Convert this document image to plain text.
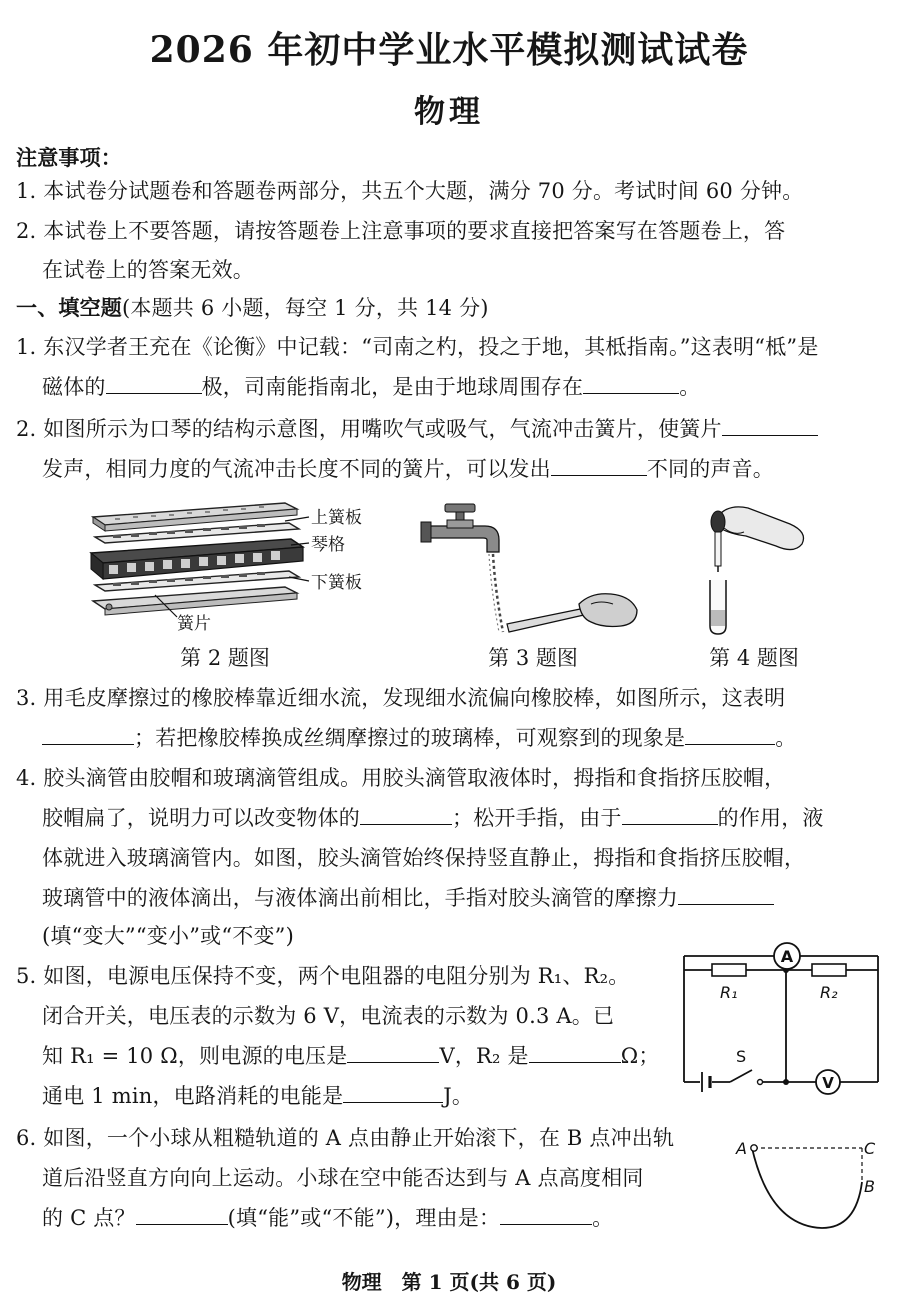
2026 年初中学业水平模拟测试试卷
物理
注意事项：
1. 本试卷分试题卷和答题卷两部分，共五个大题，满分 70 分。考试时间 60 分钟。
2. 本试卷上不要答题，请按答题卷上注意事项的要求直接把答案写在答题卷上，答
在试卷上的答案无效。
一、填空题(本题共 6 小题，每空 1 分，共 14 分)
1. 东汉学者王充在《论衡》中记载：“司南之杓，投之于地，其柢指南。”这表明“柢”是
磁体的	极，司南能指南北，是由于地球周围存在	。
2. 如图所示为口琴的结构示意图，用嘴吹气或吸气，气流冲击簧片，使簧片
发声，相同力度的气流冲击长度不同的簧片，可以发出	不同的声音。
上簧板
琴格
下簧板
簧片
第 2 题图	第 3 题图	第 4 题图
3. 用毛皮摩擦过的橡胶棒靠近细水流，发现细水流偏向橡胶棒，如图所示，这表明
；若把橡胶棒换成丝绸摩擦过的玻璃棒，可观察到的现象是	。
4. 胶头滴管由胶帽和玻璃滴管组成。用胶头滴管取液体时，拇指和食指挤压胶帽，
胶帽扁了，说明力可以改变物体的	；松开手指，由于	的作用，液
体就进入玻璃滴管内。如图，胶头滴管始终保持竖直静止，拇指和食指挤压胶帽，
玻璃管中的液体滴出，与液体滴出前相比，手指对胶头滴管的摩擦力
(填“变大”“变小”或“不变”)
5. 如图，电源电压保持不变，两个电阻器的电阻分别为 R₁、R₂。
闭合开关，电压表的示数为 6 V，电流表的示数为 0.3 A。已
知 R₁ = 10 Ω，则电源的电压是	V，R₂ 是	Ω；
通电 1 min，电路消耗的电能是	J。
A
V
R₁	R₂
S
6. 如图，一个小球从粗糙轨道的 A 点由静止开始滚下，在 B 点冲出轨
道后沿竖直方向向上运动。小球在空中能否达到与 A 点高度相同
的 C 点？	(填“能”或“不能”)，理由是：	。
A	C
B
物理　第 1 页(共 6 页)
